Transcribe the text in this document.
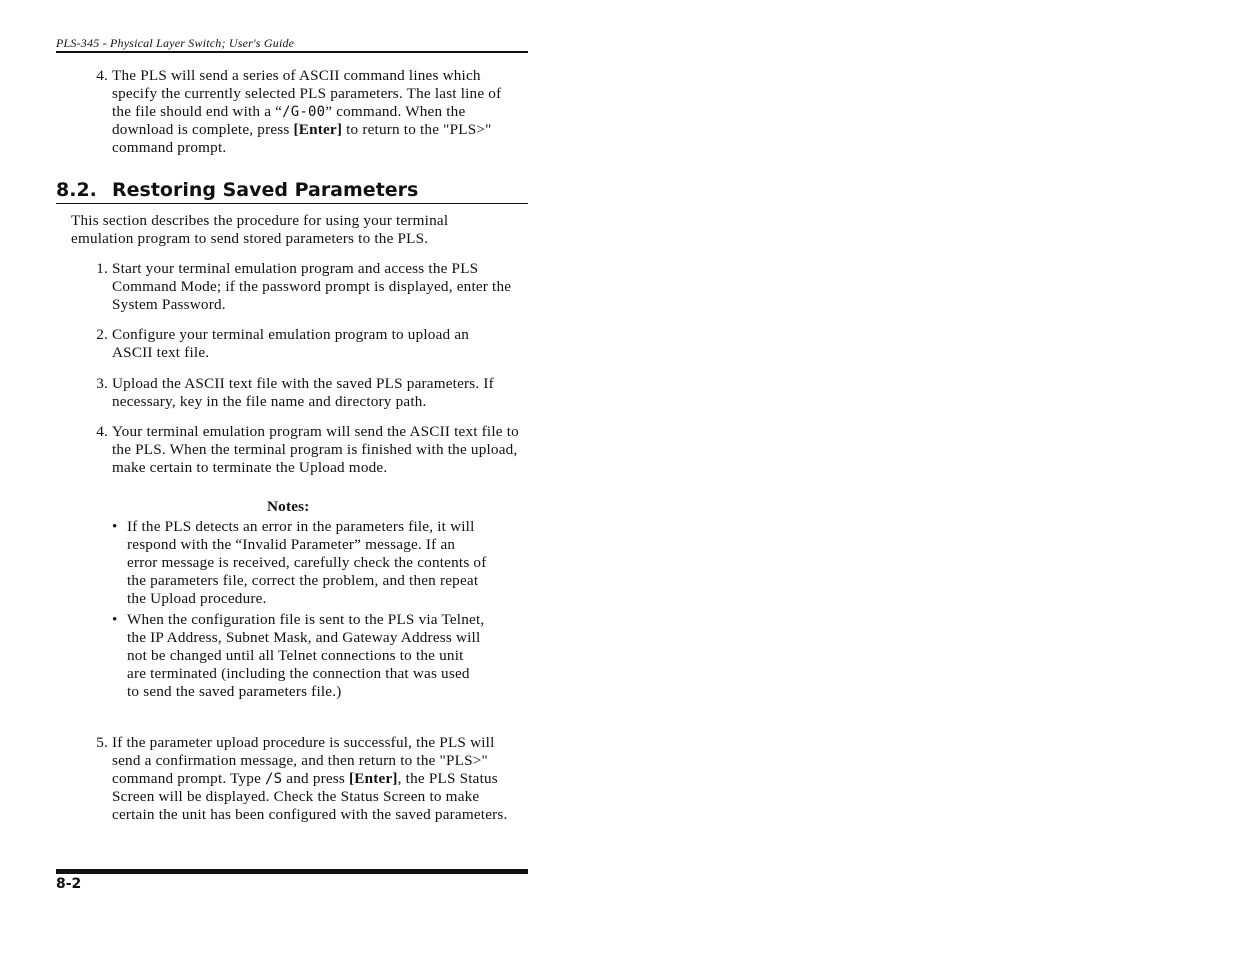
PLS-345 - Physical Layer Switch; User's Guide
4. The PLS will send a series of ASCII command lines which specify the currently selected PLS parameters. The last line of the file should end with a “/G-00” command. When the download is complete, press [Enter] to return to the "PLS>" command prompt.

8.2. Restoring Saved Parameters
This section describes the procedure for using your terminal emulation program to send stored parameters to the PLS.
1. Start your terminal emulation program and access the PLS Command Mode; if the password prompt is displayed, enter the System Password.
2. Configure your terminal emulation program to upload an ASCII text file.
3. Upload the ASCII text file with the saved PLS parameters. If necessary, key in the file name and directory path.
4. Your terminal emulation program will send the ASCII text file to the PLS. When the terminal program is finished with the upload, make certain to terminate the Upload mode.
Notes:
• If the PLS detects an error in the parameters file, it will respond with the “Invalid Parameter” message. If an error message is received, carefully check the contents of the parameters file, correct the problem, and then repeat the Upload procedure.
• When the configuration file is sent to the PLS via Telnet, the IP Address, Subnet Mask, and Gateway Address will not be changed until all Telnet connections to the unit are terminated (including the connection that was used to send the saved parameters file.)
5. If the parameter upload procedure is successful, the PLS will send a confirmation message, and then return to the "PLS>" command prompt. Type /S and press [Enter], the PLS Status Screen will be displayed. Check the Status Screen to make certain the unit has been configured with the saved parameters.

8-2
